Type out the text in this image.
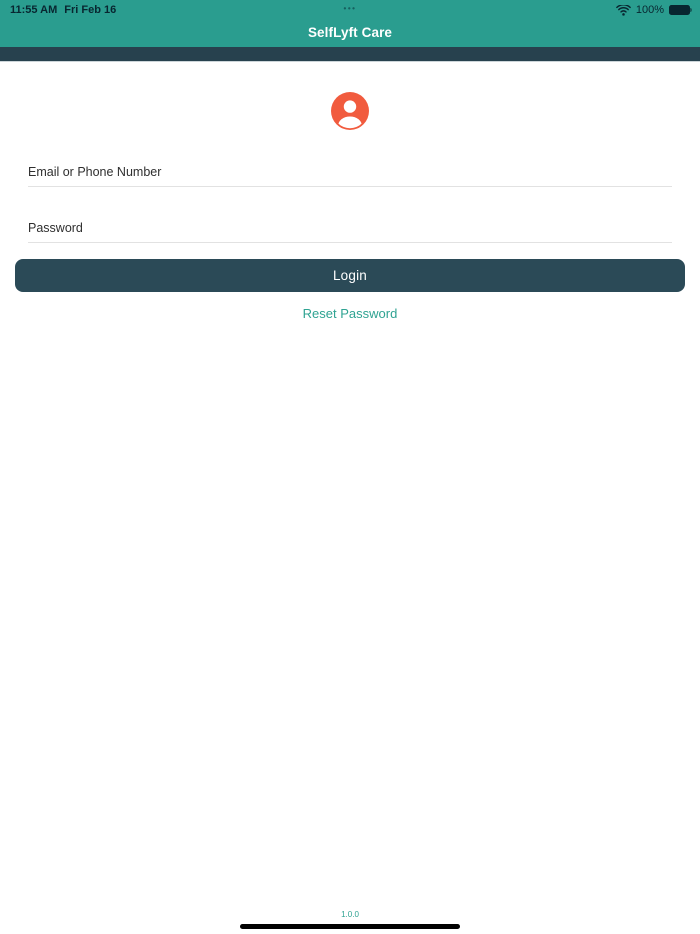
11:55 AM Fri Feb 16	•••	100%
SelfLyft Care
Email or Phone Number
Login
Reset Password
1.0.0
